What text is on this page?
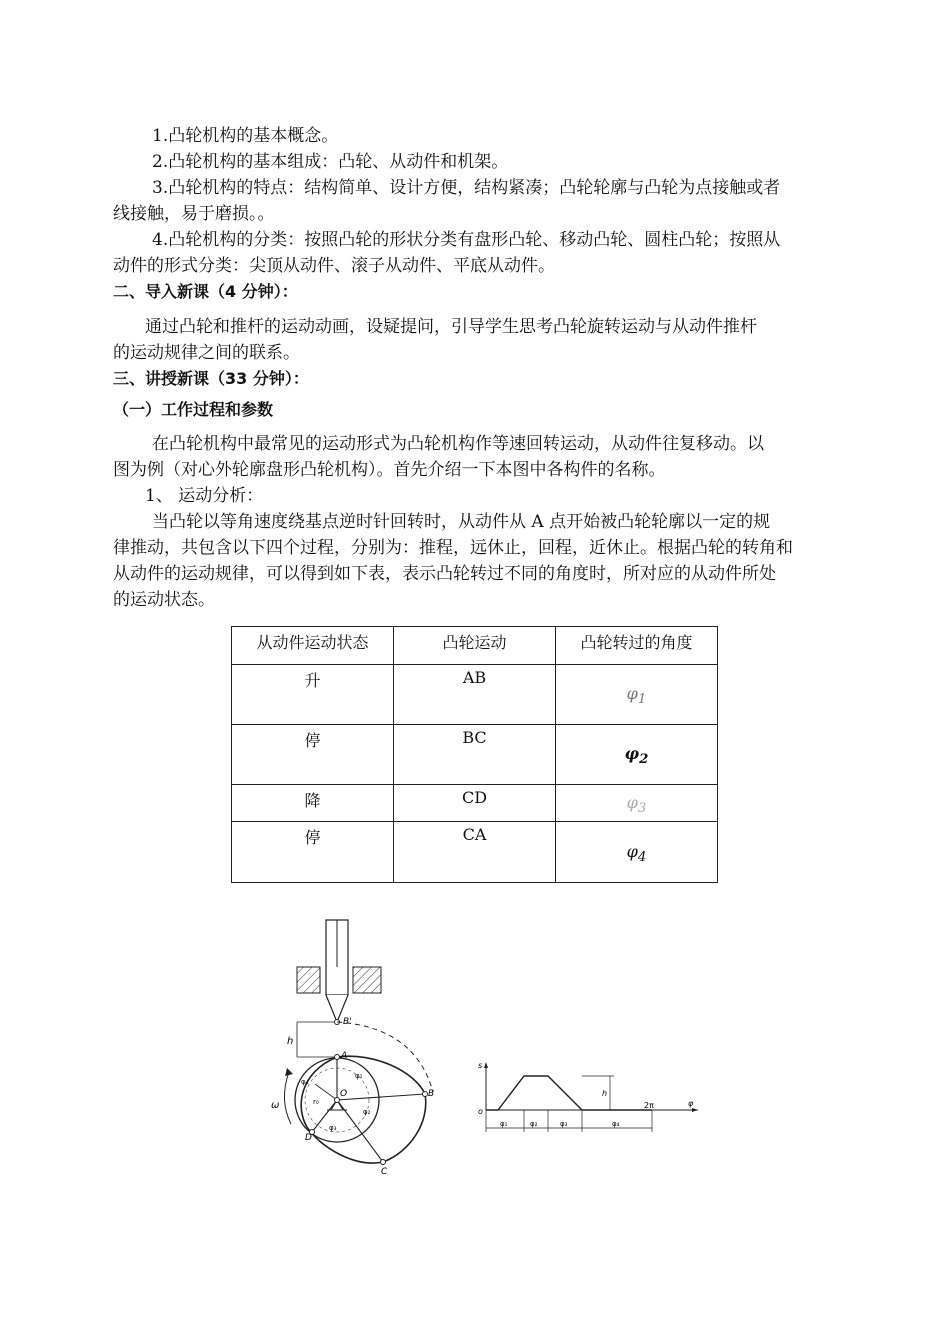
1.凸轮机构的基本概念。
2.凸轮机构的基本组成：凸轮、从动件和机架。
3.凸轮机构的特点：结构简单、设计方便，结构紧凑；凸轮轮廓与凸轮为点接触或者
线接触，易于磨损。。
4.凸轮机构的分类：按照凸轮的形状分类有盘形凸轮、移动凸轮、圆柱凸轮；按照从
动件的形式分类：尖顶从动件、滚子从动件、平底从动件。
二、导入新课（4 分钟）：
通过凸轮和推杆的运动动画，设疑提问，引导学生思考凸轮旋转运动与从动件推杆
的运动规律之间的联系。
三、讲授新课（33 分钟）：
（一）工作过程和参数
在凸轮机构中最常见的运动形式为凸轮机构作等速回转运动，从动件往复移动。以
图为例（对心外轮廓盘形凸轮机构）。首先介绍一下本图中各构件的名称。
1、 运动分析：
当凸轮以等角速度绕基点逆时针回转时，从动件从 A 点开始被凸轮轮廓以一定的规
律推动，共包含以下四个过程，分别为：推程，远休止，回程，近休止。根据凸轮的转角和
从动件的运动规律，可以得到如下表，表示凸轮转过不同的角度时，所对应的从动件所处
的运动状态。
从动件运动状态	凸轮运动	凸轮转过的角度
升	AB	$\varphi_1$
停	BC	$\varphi_2$
降	CD	$\varphi_3$
停	CA	$\varphi_4$
h
B'
ω
A
B
C
D
O
φ₁
φ₂
φ₃
φ₄
r₀
s
o
φ
2π
h
φ₁	φ₂	φ₃	φ₄
